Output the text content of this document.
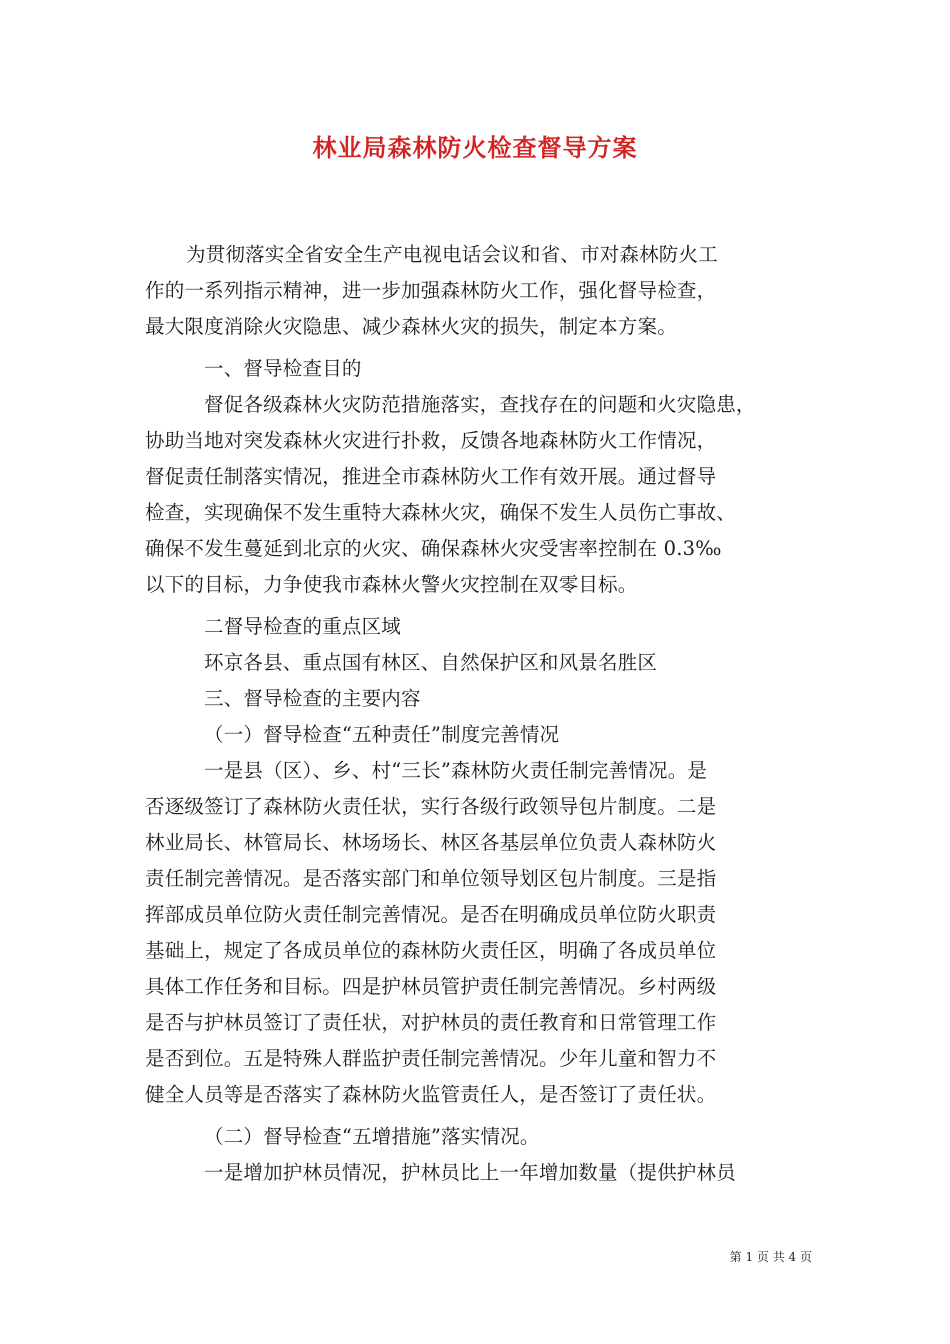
林业局森林防火检查督导方案
为贯彻落实全省安全生产电视电话会议和省、市对森林防火工
作的一系列指示精神，进一步加强森林防火工作，强化督导检查，
最大限度消除火灾隐患、减少森林火灾的损失，制定本方案。
一、督导检查目的
督促各级森林火灾防范措施落实，查找存在的问题和火灾隐患，
协助当地对突发森林火灾进行扑救，反馈各地森林防火工作情况，
督促责任制落实情况，推进全市森林防火工作有效开展。通过督导
检查，实现确保不发生重特大森林火灾，确保不发生人员伤亡事故、
确保不发生蔓延到北京的火灾、确保森林火灾受害率控制在 0.3‰
以下的目标，力争使我市森林火警火灾控制在双零目标。
二督导检查的重点区域
环京各县、重点国有林区、自然保护区和风景名胜区
三、督导检查的主要内容
（一）督导检查“五种责任”制度完善情况
一是县（区）、乡、村“三长”森林防火责任制完善情况。是
否逐级签订了森林防火责任状，实行各级行政领导包片制度。二是
林业局长、林管局长、林场场长、林区各基层单位负责人森林防火
责任制完善情况。是否落实部门和单位领导划区包片制度。三是指
挥部成员单位防火责任制完善情况。是否在明确成员单位防火职责
基础上，规定了各成员单位的森林防火责任区，明确了各成员单位
具体工作任务和目标。四是护林员管护责任制完善情况。乡村两级
是否与护林员签订了责任状，对护林员的责任教育和日常管理工作
是否到位。五是特殊人群监护责任制完善情况。少年儿童和智力不
健全人员等是否落实了森林防火监管责任人，是否签订了责任状。
（二）督导检查“五增措施”落实情况。
一是增加护林员情况，护林员比上一年增加数量（提供护林员
第 1 页 共 4 页
